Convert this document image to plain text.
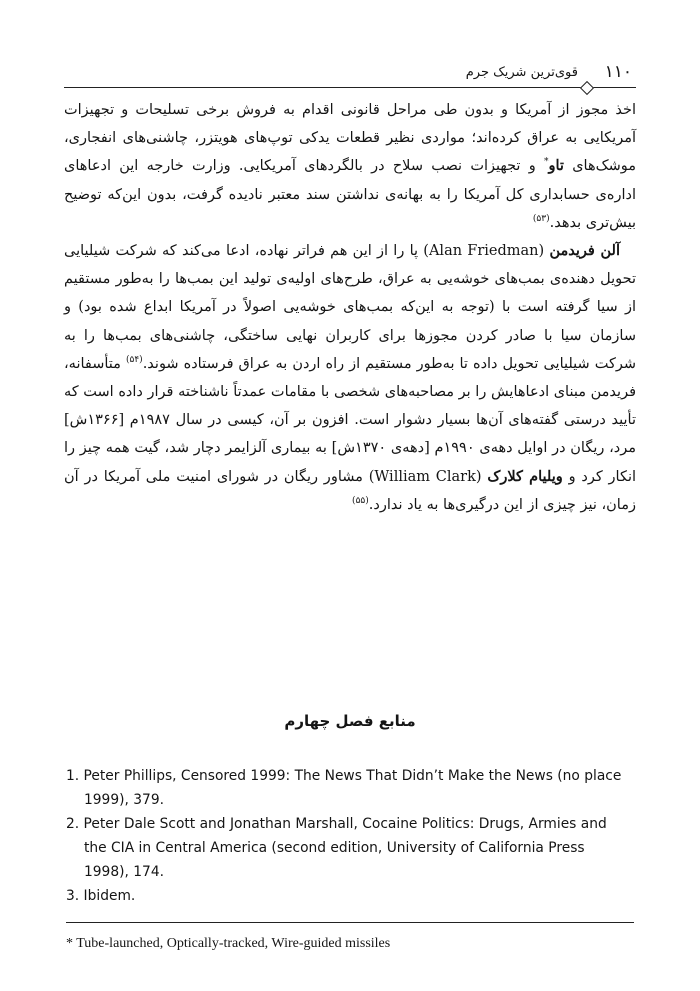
۱۱۰
قوی‌ترین شریک جرم

اخذ مجوز از آمریکا و بدون طی مراحل قانونی اقدام به فروش برخی تسلیحات و تجهیزات آمریکایی به عراق کرده‌اند؛ مواردی نظیر قطعات یدکی توپ‌های هویتزر، چاشنی‌های انفجاری، موشک‌های تاو* و تجهیزات نصب سلاح در بالگردهای آمریکایی. وزارت خارجه این ادعاهای اداره‌ی حسابداری کل آمریکا را به بهانه‌ی نداشتن سند معتبر نادیده گرفت، بدون این‌که توضیح بیش‌تری بدهد.$^{(۵۳)}$

آلن فریدمن (Alan Friedman) پا را از این هم فراتر نهاده، ادعا می‌کند که شرکت شیلیایی تحویل دهنده‌ی بمب‌های خوشه‌یی به عراق، طرح‌های اولیه‌ی تولید این بمب‌ها را به‌طور مستقیم از سیا گرفته است با (توجه به این‌که بمب‌های خوشه‌یی اصولاً در آمریکا ابداع شده بود) و سازمان سیا با صادر کردن مجوزها برای کاربران نهایی ساختگی، چاشنی‌های بمب‌ها را به شرکت شیلیایی تحویل داده تا به‌طور مستقیم از راه اردن به عراق فرستاده شوند.$^{(۵۴)}$ متأسفانه، فریدمن مبنای ادعاهایش را بر مصاحبه‌های شخصی با مقامات عمدتاً ناشناخته قرار داده است که تأیید درستی گفته‌های آن‌ها بسیار دشوار است. افزون بر آن، کیسی در سال ۱۹۸۷م [۱۳۶۶ش] مرد، ریگان در اوایل دهه‌ی ۱۹۹۰م [دهه‌ی ۱۳۷۰ش] به بیماری آلزایمر دچار شد، گیت همه چیز را انکار کرد و ویلیام کلارک (William Clark) مشاور ریگان در شورای امنیت ملی آمریکا در آن زمان، نیز چیزی از این درگیری‌ها به یاد ندارد.$^{(۵۵)}$

منابع فصل چهارم
1. Peter Phillips, Censored 1999: The News That Didn’t Make the News (no place 1999), 379.
2. Peter Dale Scott and Jonathan Marshall, Cocaine Politics: Drugs, Armies and the CIA in Central America (second edition, University of California Press 1998), 174.
3. Ibidem.
* Tube-launched, Optically-tracked, Wire-guided missiles
